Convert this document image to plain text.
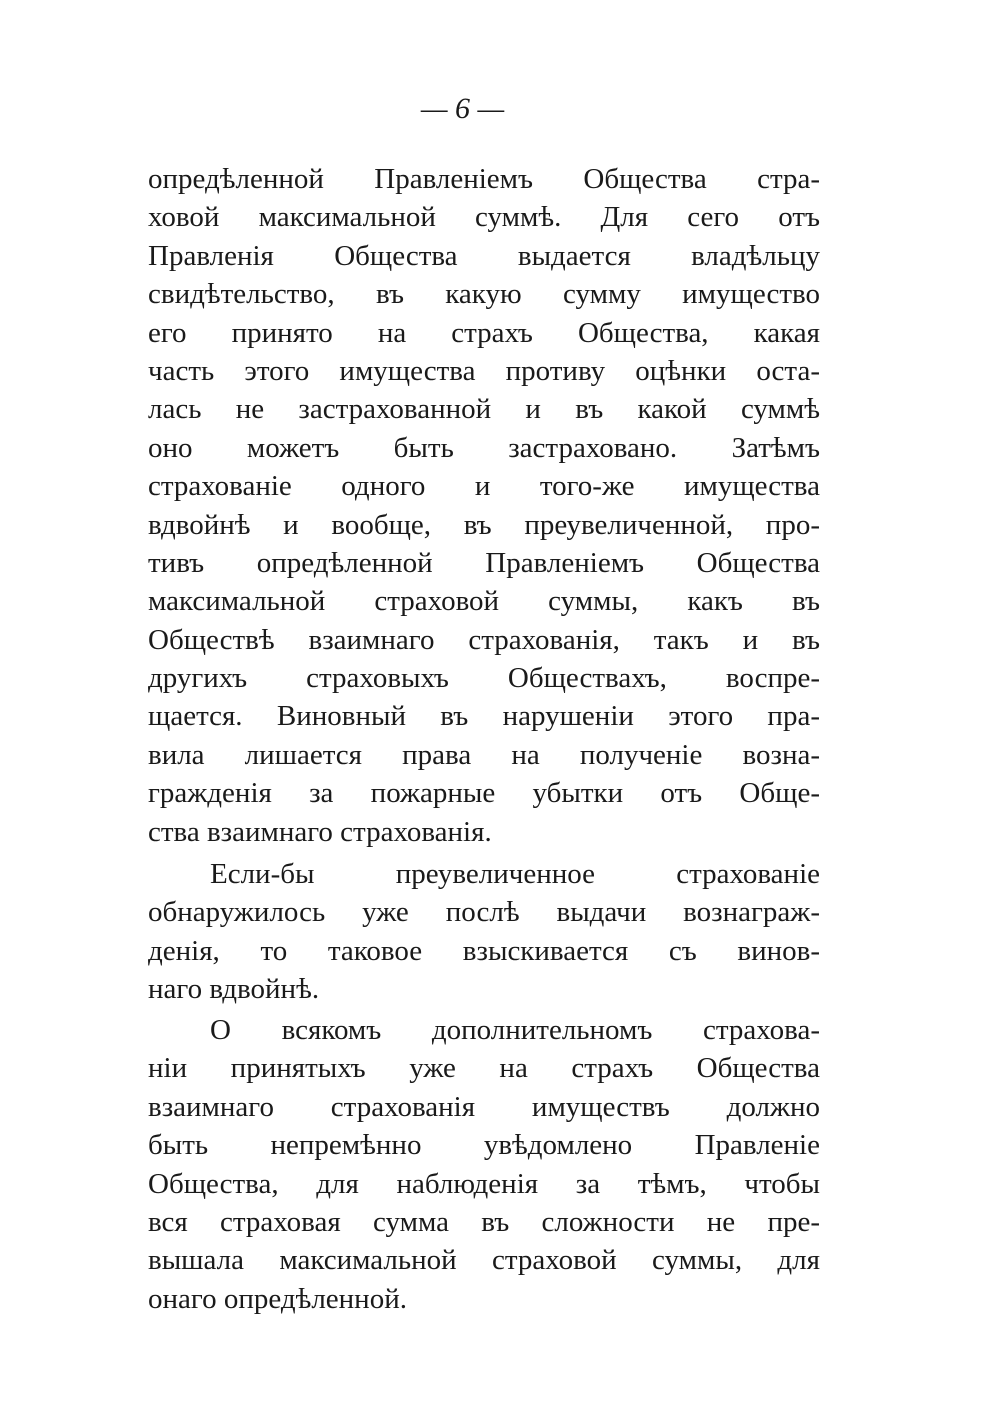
— 6 —
опредѣленной Правленіемъ Общества стра-
ховой максимальной суммѣ. Для сего отъ
Правленія Общества выдается владѣльцу
свидѣтельство, въ какую сумму имущество
его принято на страхъ Общества, какая
часть этого имущества противу оцѣнки оста-
лась не застрахованной и въ какой суммѣ
оно можетъ быть застраховано. Затѣмъ
страхованіе одного и того-же имущества
вдвойнѣ и вообще, въ преувеличенной, про-
тивъ опредѣленной Правленіемъ Общества
максимальной страховой суммы, какъ въ
Обществѣ взаимнаго страхованія, такъ и въ
другихъ страховыхъ Обществахъ, воспре-
щается. Виновный въ нарушеніи этого пра-
вила лишается права на полученіе возна-
гражденія за пожарные убытки отъ Обще-
ства взаимнаго страхованія.
Если-бы преувеличенное страхованіе
обнаружилось уже послѣ выдачи вознаграж-
денія, то таковое взыскивается съ винов-
наго вдвойнѣ.
О всякомъ дополнительномъ страхова-
ніи принятыхъ уже на страхъ Общества
взаимнаго страхованія имуществъ должно
быть непремѣнно увѣдомлено Правленіе
Общества, для наблюденія за тѣмъ, чтобы
вся страховая сумма въ сложности не пре-
вышала максимальной страховой суммы, для
онаго опредѣленной.
